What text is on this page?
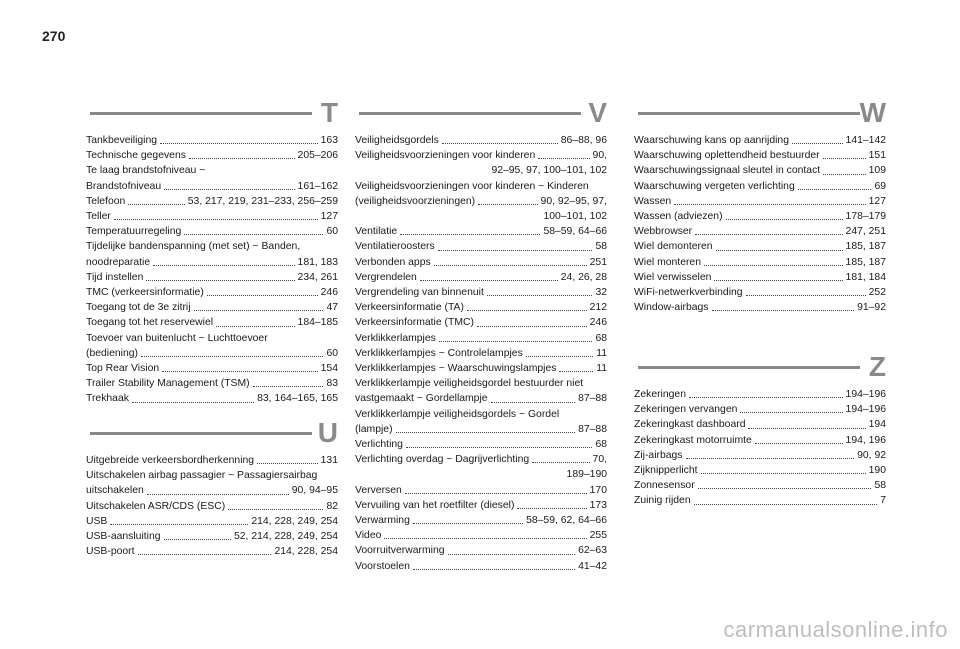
270
T
Tankbeveiliging	163
Technische gegevens	205–206
Te laag brandstofniveau ~
Brandstofniveau	161–162
Telefoon	53, 217, 219, 231–233, 256–259
Teller	127
Temperatuurregeling	60
Tijdelijke bandenspanning (met set) ~ Banden,
noodreparatie	181, 183
Tijd instellen	234, 261
TMC (verkeersinformatie)	246
Toegang tot de 3e zitrij	47
Toegang tot het reservewiel	184–185
Toevoer van buitenlucht ~ Luchttoevoer
(bediening)	60
Top Rear Vision	154
Trailer Stability Management (TSM)	83
Trekhaak	83, 164–165, 165
U
Uitgebreide verkeersbordherkenning	131
Uitschakelen airbag passagier ~ Passagiersairbag
uitschakelen	90, 94–95
Uitschakelen ASR/CDS (ESC)	82
USB	214, 228, 249, 254
USB-aansluiting	52, 214, 228, 249, 254
USB-poort	214, 228, 254
V
Veiligheidsgordels	86–88, 96
Veiligheidsvoorzieningen voor kinderen	90,
92–95, 97, 100–101, 102
Veiligheidsvoorzieningen voor kinderen ~ Kinderen
(veiligheidsvoorzieningen)	90, 92–95, 97,
100–101, 102
Ventilatie	58–59, 64–66
Ventilatieroosters	58
Verbonden apps	251
Vergrendelen	24, 26, 28
Vergrendeling van binnenuit	32
Verkeersinformatie (TA)	212
Verkeersinformatie (TMC)	246
Verklikkerlampjes	68
Verklikkerlampjes ~ Controlelampjes	11
Verklikkerlampjes ~ Waarschuwingslampjes	11
Verklikkerlampje veiligheidsgordel bestuurder niet
vastgemaakt ~ Gordellampje	87–88
Verklikkerlampje veiligheidsgordels ~ Gordel
(lampje)	87–88
Verlichting	68
Verlichting overdag ~ Dagrijverlichting	70,
189–190
Verversen	170
Vervuiling van het roetfilter (diesel)	173
Verwarming	58–59, 62, 64–66
Video	255
Voorruitverwarming	62–63
Voorstoelen	41–42
W
Waarschuwing kans op aanrijding	141–142
Waarschuwing oplettendheid bestuurder	151
Waarschuwingssignaal sleutel in contact	109
Waarschuwing vergeten verlichting	69
Wassen	127
Wassen (adviezen)	178–179
Webbrowser	247, 251
Wiel demonteren	185, 187
Wiel monteren	185, 187
Wiel verwisselen	181, 184
WiFi-netwerkverbinding	252
Window-airbags	91–92
Z
Zekeringen	194–196
Zekeringen vervangen	194–196
Zekeringkast dashboard	194
Zekeringkast motorruimte	194, 196
Zij-airbags	90, 92
Zijknipperlicht	190
Zonnesensor	58
Zuinig rijden	7
carmanualsonline.info
